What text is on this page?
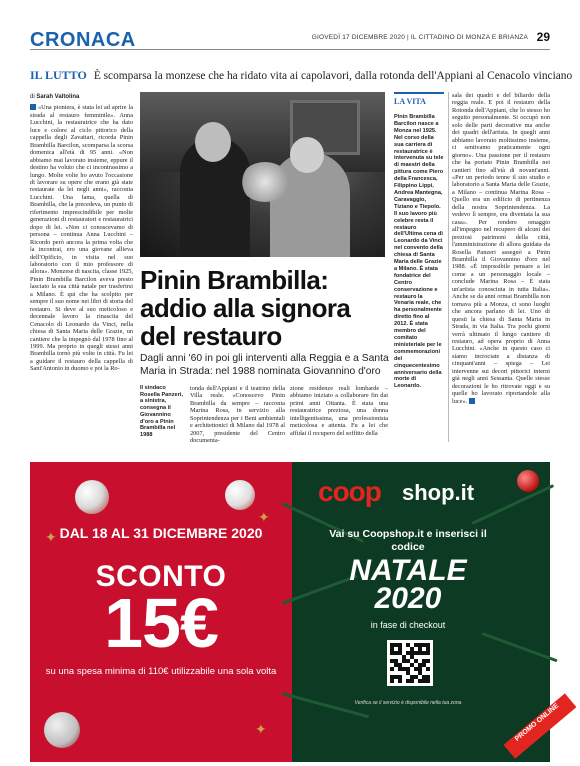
CRONACA	GIOVEDÌ 17 DICEMBRE 2020 | IL CITTADINO DI MONZA E BRIANZA 29
IL LUTTO È scomparsa la monzese che ha ridato vita ai capolavori, dalla rotonda dell'Appiani al Cenacolo vinciano
di Sarah Valtolina

«Una pioniera, è stata lei ad aprire la strada al restauro femminile». Anna Lucchini, la restauratrice che ha dato luce e colore al ciclo pittorico della cappella degli Zavattari, ricorda Pinin Brambilla Barcilon, scomparsa la scorsa domenica all'età di 95 anni. «Non abbiamo mai lavorato insieme, eppure il destino ha voluto che ci incontrassimo a lungo. Molte volte ho avuto l'occasione di lavorare su opere che erano già state restaurate da lei negli anni», racconta Lucchini. Una fama, quella di Brambilla, che la precedeva, un punto di riferimento imprescindibile per molte generazioni di restauratori e restauratrici dopo di lei. «Non ci conoscevamo di persona – continua Anna Lucchini – Ricordo però ancora la prima volta che la incontrai, ero una giovane allieva dell'Opificio, in visita nel suo laboratorio con il mio professore di allora». Monzese di nascita, classe 1925, Pinin Brambilla Barcilon aveva presto lasciato la sua città natale per trasferirsi a Milano. È qui che ha scolpito per sempre il suo nome nei libri di storia del restauro. Si deve al suo meticoloso e decennale lavoro la rinascita del Cenacolo di Leonardo da Vinci, nella chiesa di Santa Maria delle Grazie, un cantiere che la impegnò dal 1978 fino al 1999. Ma proprio in quegli stessi anni Brambilla tornò più volte in città. Fu lei a guidare il restauro della cappella di Sant'Antonio in duomo e poi la Ro-

Pinin Brambilla: addio alla signora del restauro
Dagli anni '60 in poi gli interventi alla Reggia e a Santa Maria in Strada: nel 1988 nominata Giovannino d'oro
Il sindaco Rosella Panzeri, a sinistra, consegna il Giovannino d'oro a Pinin Brambilla nel 1988

tonda dell'Appiani e il teatrino della Villa reale. «Conoscevo Pinin Brambilla da sempre – racconta Marina Rosa, in servizio alla Soprintendenza per i Beni ambientali e architettonici di Milano dal 1978 al 2007, presidente del Centro documenta-

zione residenze reali lombarde – abbiamo iniziato a collaborare fin dai primi anni Ottanta. È stata una restauratrice preziosa, una donna intelligentissima, una professionista meticolosa e attenta. Fu a lei che affidai il recupero del soffitto della

LA VITA
Pinin Brambilla Barcilon nasce a Monza nel 1925. Nel corso della sua carriera di restauratrice è intervenuta su tele di maestri della pittura come Piero della Francesca, Filippino Lippi, Andrea Mantegna, Caravaggio, Tiziano e Tiepolo. Il suo lavoro più celebre resta il restauro dell'Ultima cena di Leonardo da Vinci nel convento della chiesa di Santa Maria delle Grazie a Milano. È stata fondatrice del Centro conservazione e restauro la Venaria reale, che ha personalmente diretto fino al 2012. È stata membro del comitato ministeriale per le commemorazioni del cinquecentesimo anniversario della morte di Leonardo.

sala dei quadri e del biliardo della reggia reale. E poi il restauro della Rotonda dell'Appiani, che lo stesso ho seguito personalmente. Si occupò non solo delle parti decorative ma anche dei quadri dell'artista. In quegli anni abbiamo lavorato moltissimo insieme, ci sentivamo praticamente ogni giorno». Una passione per il restauro che ha portato Pinin Brambilla nei cantieri fino all'età di novant'anni. «Per un periodo tenne il suo studio e laboratorio a Santa Maria delle Grazie, a Milano – continua Marina Rosa – Quello era un edificio di pertinenza della nostra Soprintendenza. La vedevo lì sempre, era diventata la sua casa». Per rendere omaggio all'impegno nel recupero di alcuni dei preziosi patrimoni della città, l'amministrazione di allora guidata da Rosella Panzeri assegnò a Pinin Brambilla il Giovannino d'oro nel 1988. «È impossibile pensare a lei come a un personaggio locale – conclude Marina Rosa – È stata un'artista conosciuta in tutta Italia». Anche se da anni ormai Brambilla non tornava più a Monza, ci sono luoghi che ancora parlano di lei. Uno di questi la chiesa di Santa Maria in Strada, in via Italia. Tra pochi giorni verrà ultimato il lungo cantiere di restauro, ad opera proprio di Anna Lucchini. «Anche in questo caso ci siamo incrociate a distanza di cinquant'anni – spiega – Lei intervenne sui decori pittorici interni già negli anni Sessanta. Quelle stesse decorazioni le ho ritrovate oggi e su quelle ho lavorato riportandole alla luce».

✦
✦
✦
DAL 18 AL 31 DICEMBRE 2020
SCONTO
15€
su una spesa minima di 110€ utilizzabile una sola volta
coop shop.it
Vai su Coopshop.it e inserisci il codice
NATALE
2020
in fase di checkout
Verifica se il servizio è disponibile nella tua zona	PROMO ONLINE
